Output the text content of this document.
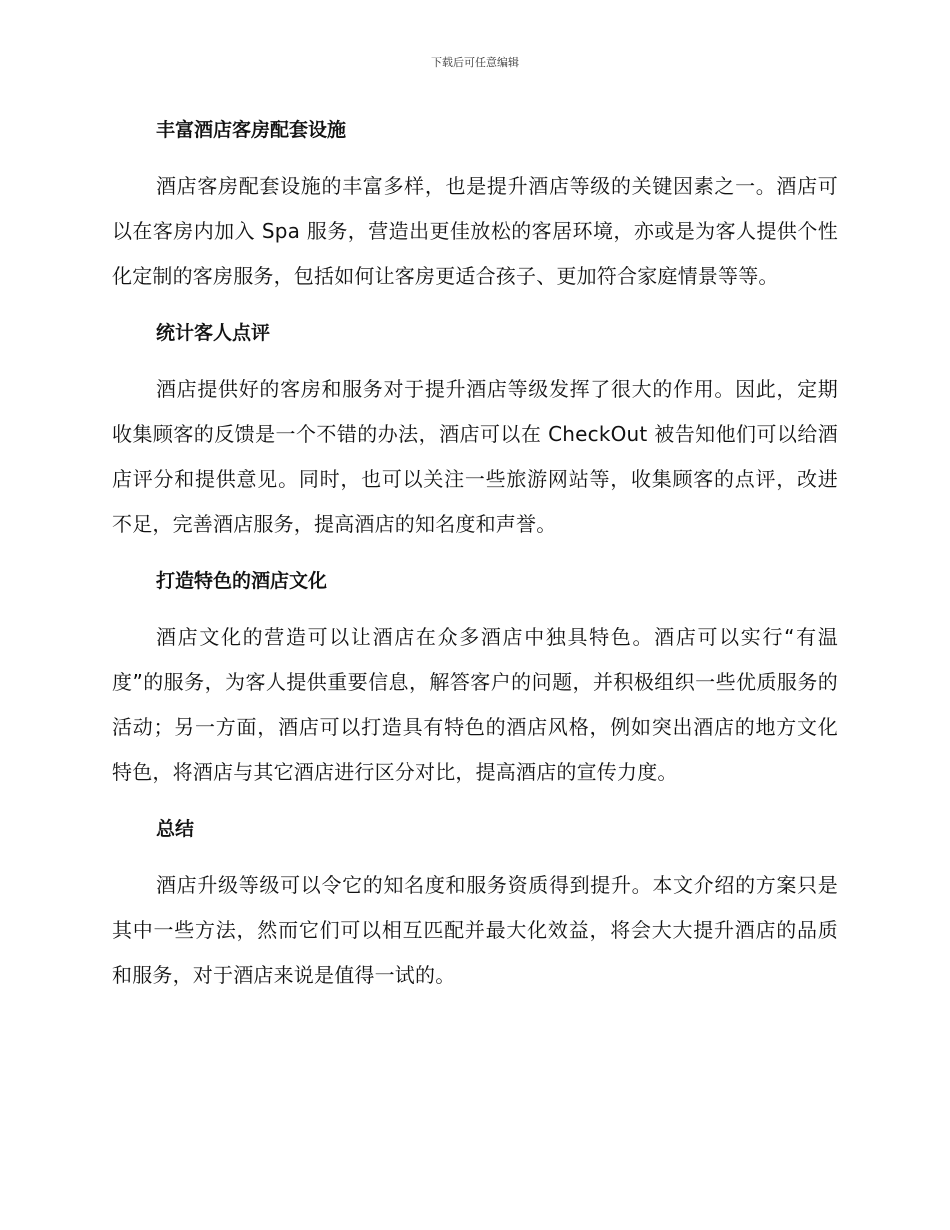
下载后可任意编辑
丰富酒店客房配套设施

酒店客房配套设施的丰富多样，也是提升酒店等级的关键因素之一。酒店可以在客房内加入 Spa 服务，营造出更佳放松的客居环境，亦或是为客人提供个性化定制的客房服务，包括如何让客房更适合孩子、更加符合家庭情景等等。

统计客人点评

酒店提供好的客房和服务对于提升酒店等级发挥了很大的作用。因此，定期收集顾客的反馈是一个不错的办法，酒店可以在 CheckOut 被告知他们可以给酒店评分和提供意见。同时，也可以关注一些旅游网站等，收集顾客的点评，改进不足，完善酒店服务，提高酒店的知名度和声誉。

打造特色的酒店文化

酒店文化的营造可以让酒店在众多酒店中独具特色。酒店可以实行“有温度”的服务，为客人提供重要信息，解答客户的问题，并积极组织一些优质服务的活动；另一方面，酒店可以打造具有特色的酒店风格，例如突出酒店的地方文化特色，将酒店与其它酒店进行区分对比，提高酒店的宣传力度。

总结

酒店升级等级可以令它的知名度和服务资质得到提升。本文介绍的方案只是其中一些方法，然而它们可以相互匹配并最大化效益，将会大大提升酒店的品质和服务，对于酒店来说是值得一试的。
